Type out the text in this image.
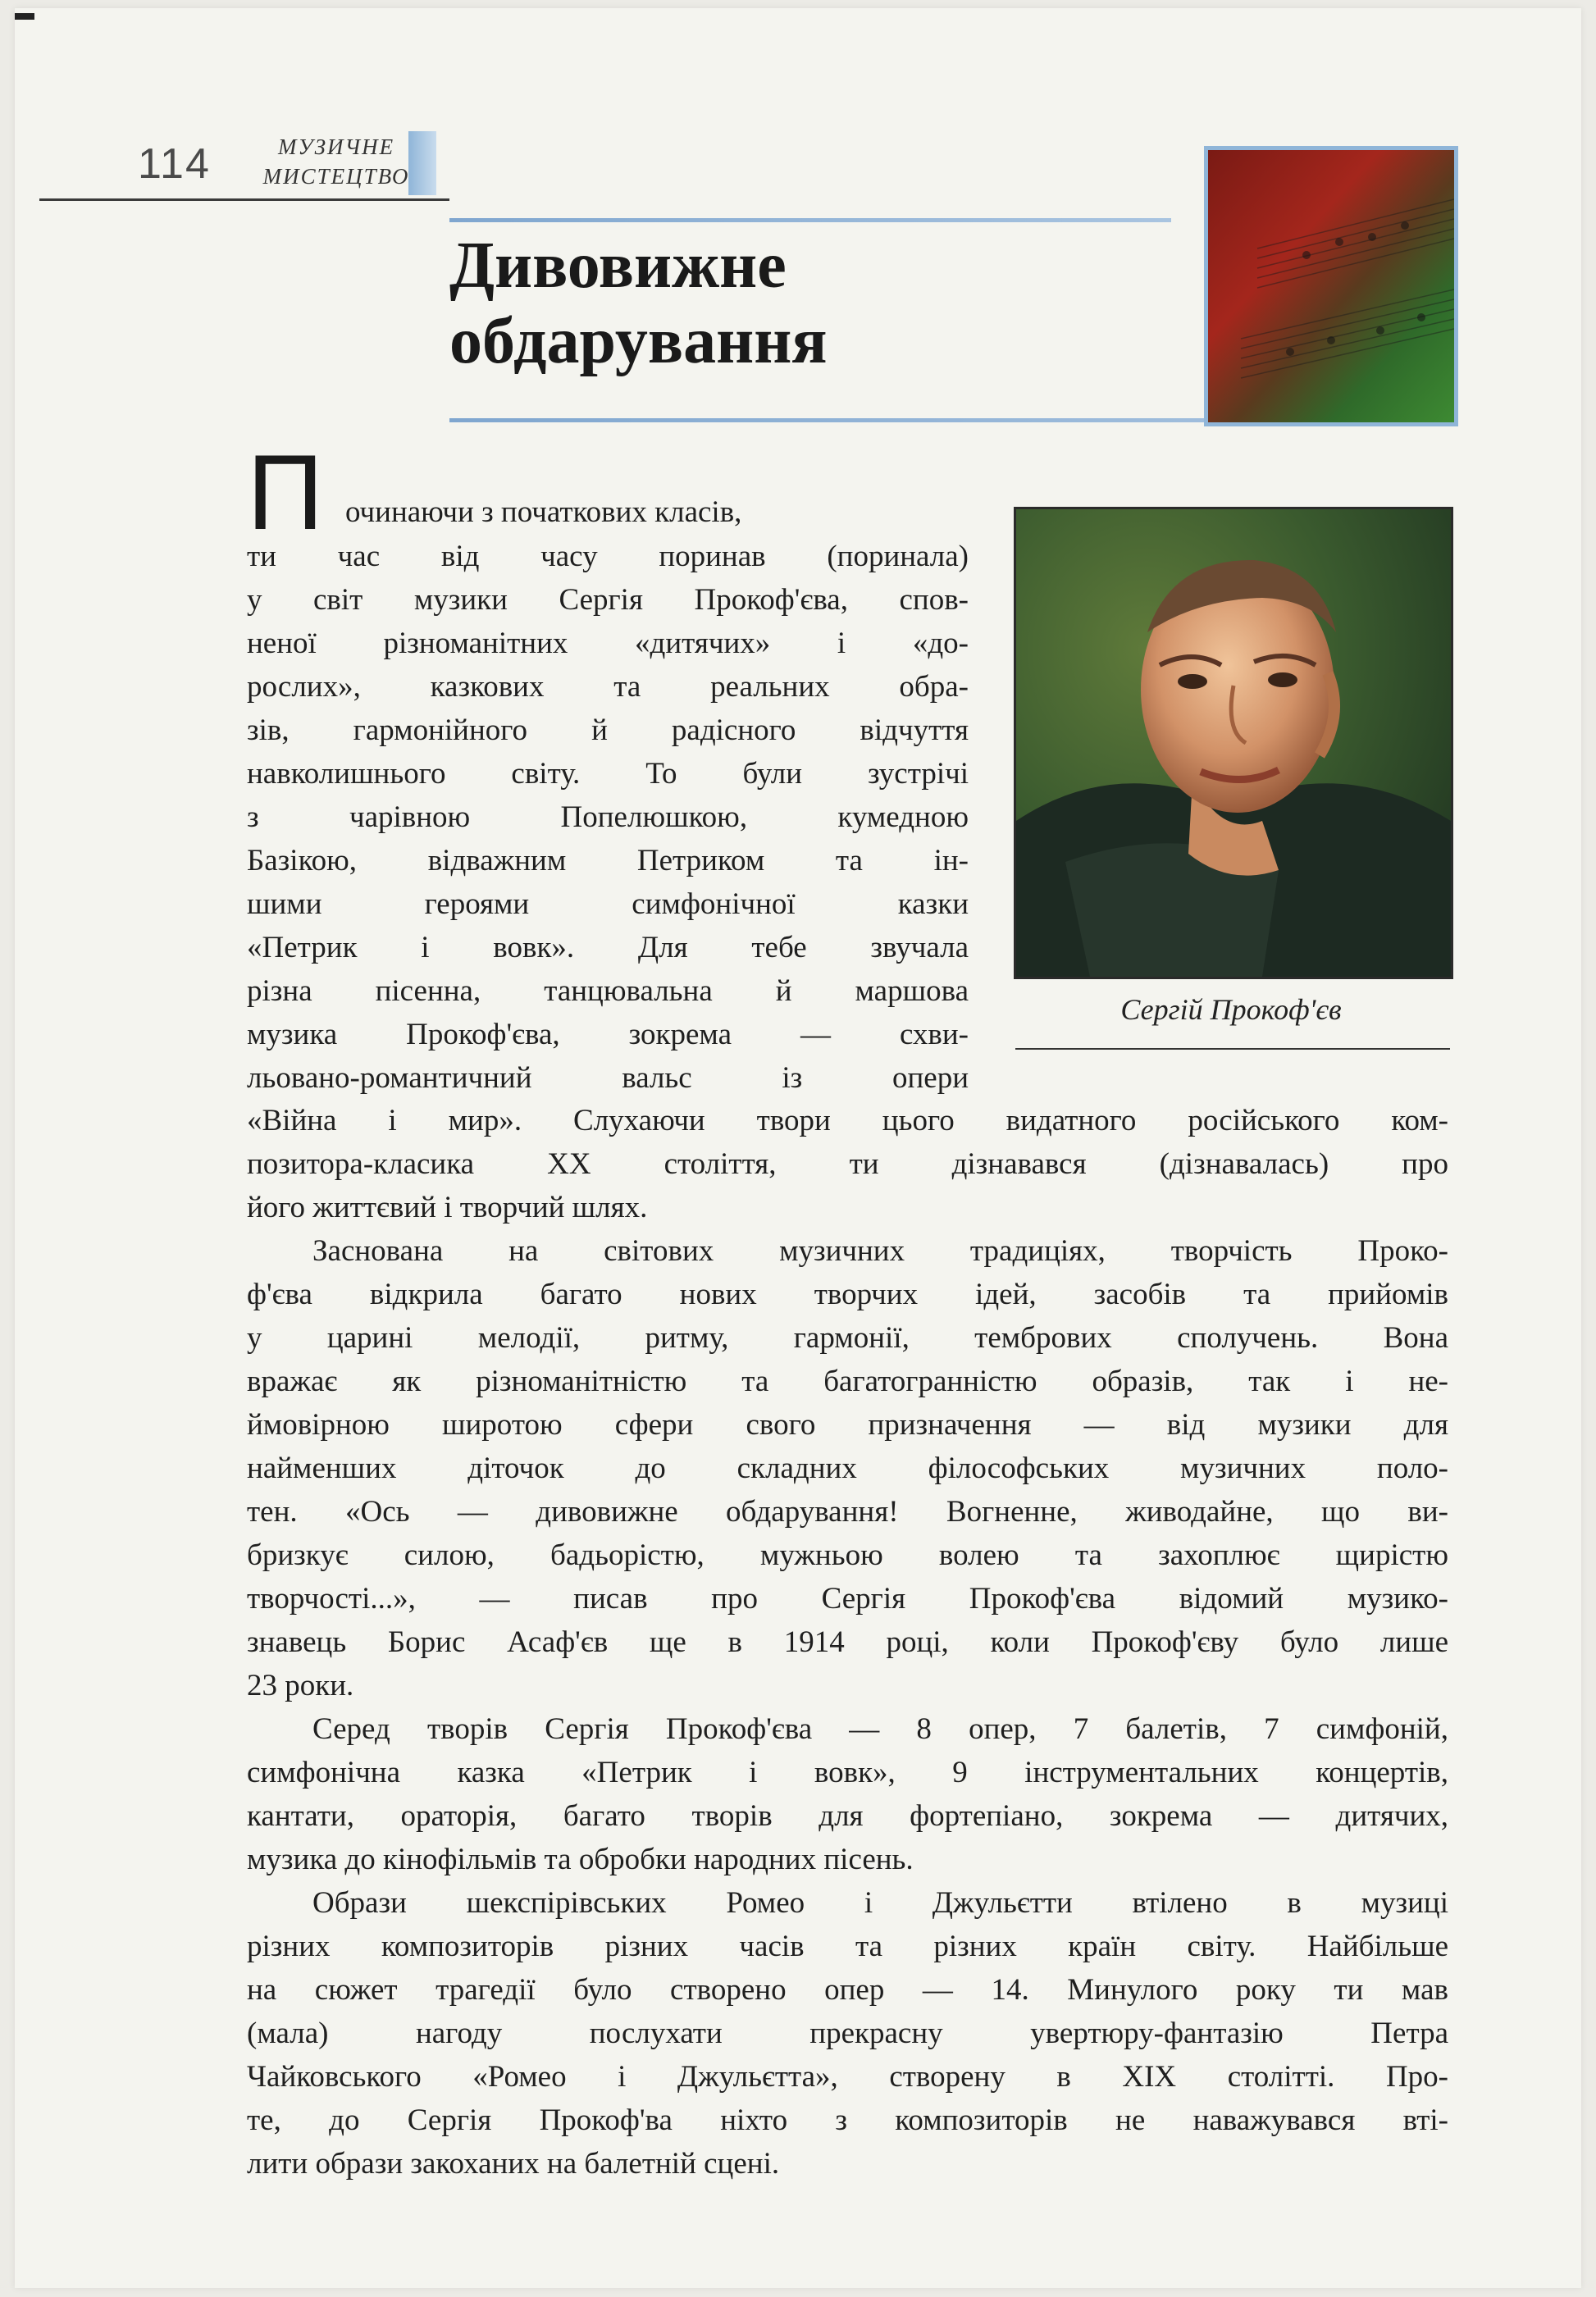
114	МУЗИЧНЕ
МИСТЕЦТВО
Дивовижне
обдарування
Сергій Прокоф'єв
П очинаючи з початкових класів,
ти час від часу поринав (поринала)
у світ музики Сергія Прокоф'єва, спов-
неної різноманітних «дитячих» і «до-
рослих», казкових та реальних обра-
зів, гармонійного й радісного відчуття
навколишнього світу. То були зустрічі
з чарівною Попелюшкою, кумедною
Базікою, відважним Петриком та ін-
шими героями симфонічної казки
«Петрик і вовк». Для тебе звучала
різна пісенна, танцювальна й маршова
музика Прокоф'єва, зокрема — схви-
льовано-романтичний вальс із опери
«Війна і мир». Слухаючи твори цього видатного російського ком-
позитора-класика XX століття, ти дізнавався (дізнавалась) про
його життєвий і творчий шлях.
Заснована на світових музичних традиціях, творчість Проко-
ф'єва відкрила багато нових творчих ідей, засобів та прийомів
у царині мелодії, ритму, гармонії, тембрових сполучень. Вона
вражає як різноманітністю та багатогранністю образів, так і не-
ймовірною широтою сфери свого призначення — від музики для
найменших діточок до складних філософських музичних поло-
тен. «Ось — дивовижне обдарування! Вогненне, живодайне, що ви-
бризкує силою, бадьорістю, мужньою волею та захоплює щирістю
творчості...», — писав про Сергія Прокоф'єва відомий музико-
знавець Борис Асаф'єв ще в 1914 році, коли Прокоф'єву було лише
23 роки.
Серед творів Сергія Прокоф'єва — 8 опер, 7 балетів, 7 симфоній,
симфонічна казка «Петрик і вовк», 9 інструментальних концертів,
кантати, ораторія, багато творів для фортепіано, зокрема — дитячих,
музика до кінофільмів та обробки народних пісень.
Образи шекспірівських Ромео і Джульєтти втілено в музиці
різних композиторів різних часів та різних країн світу. Найбільше
на сюжет трагедії було створено опер — 14. Минулого року ти мав
(мала) нагоду послухати прекрасну увертюру-фантазію Петра
Чайковського «Ромео і Джульєтта», створену в XIX столітті. Про-
те, до Сергія Прокоф'ва ніхто з композиторів не наважувався вті-
лити образи закоханих на балетній сцені.
